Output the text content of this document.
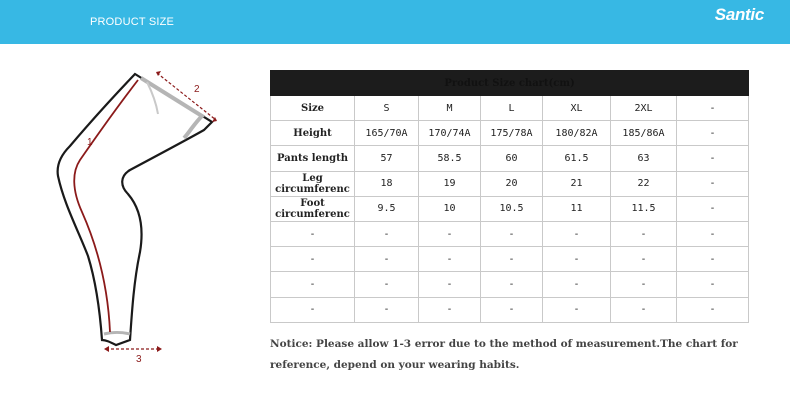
PRODUCT SIZE	Santic
1
2
3
Product Size chart(cm)						
Size	S	M	L	XL	2XL	-
Height	165/70A	170/74A	175/78A	180/82A	185/86A	-
Pants length	57	58.5	60	61.5	63	-
Leg circumferenc	18	19	20	21	22	-
Foot circumferenc	9.5	10	10.5	11	11.5	-
-	-	-	-	-	-	-
-	-	-	-	-	-	-
-	-	-	-	-	-	-
-	-	-	-	-	-	-
Notice: Please allow 1-3 error due to the method of measurement.The chart for reference, depend on your wearing habits.
